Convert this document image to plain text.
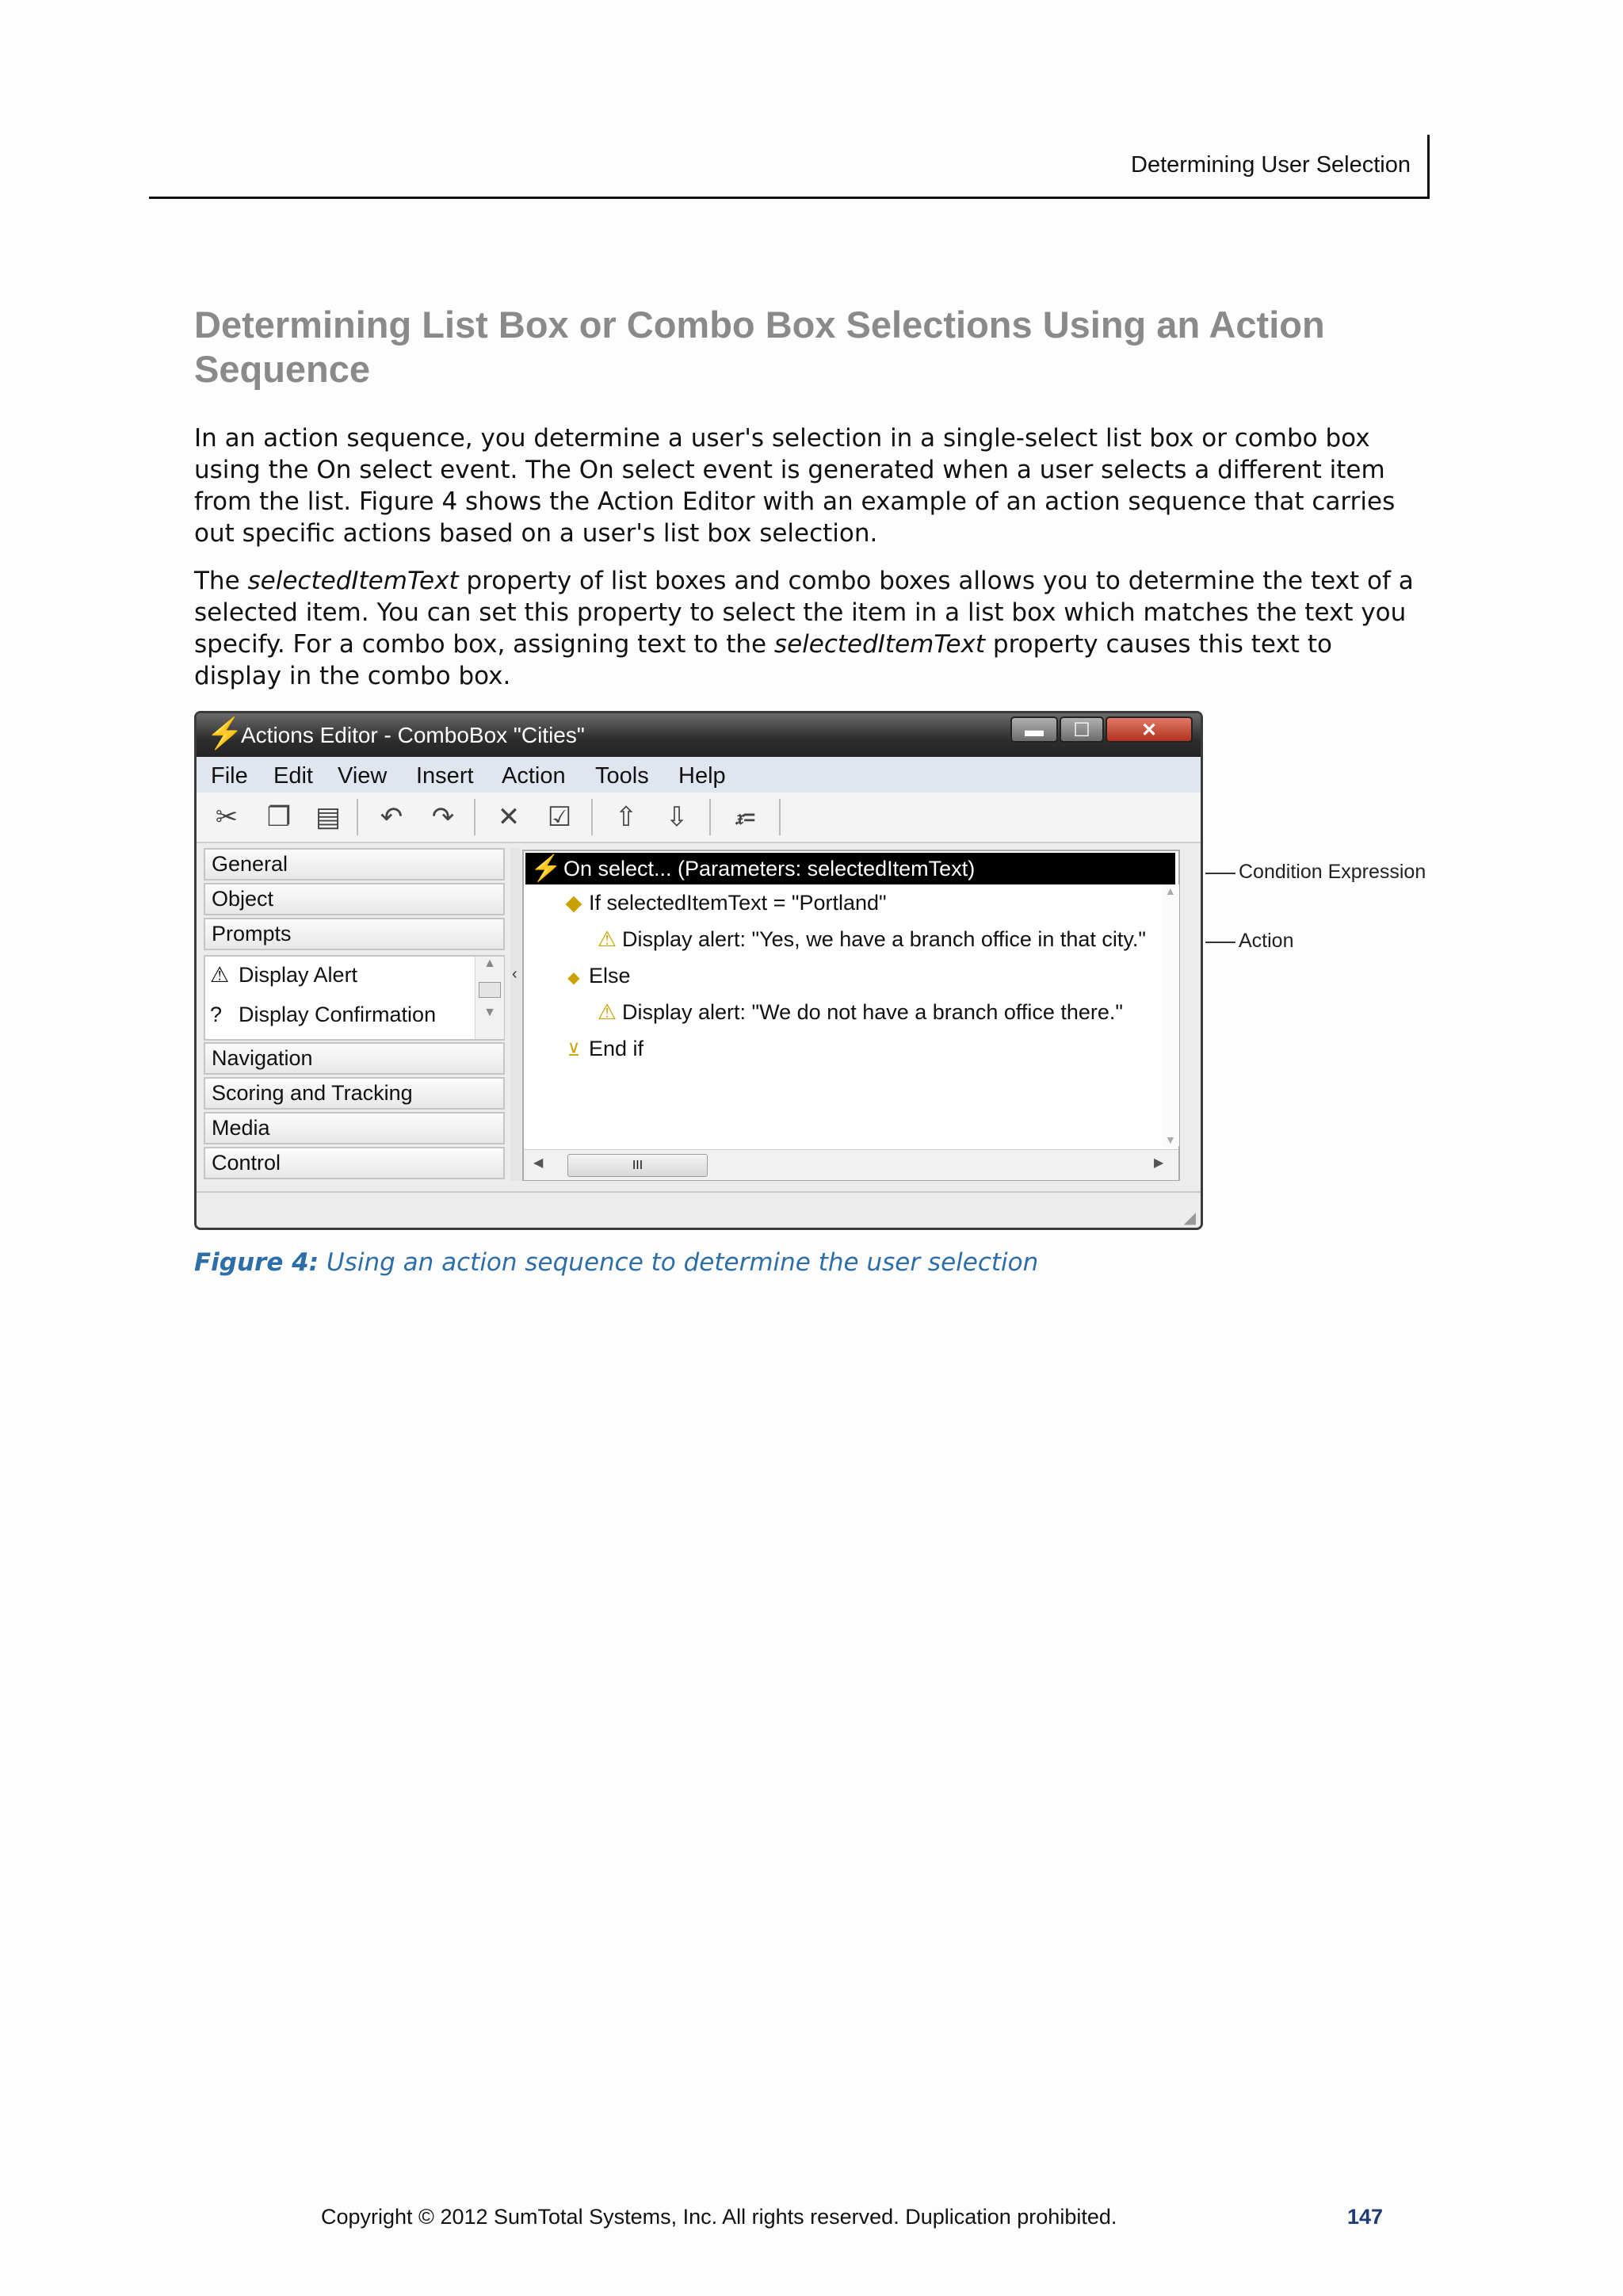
Determining User Selection
Determining List Box or Combo Box Selections Using an Action Sequence
In an action sequence, you determine a user's selection in a single-select list box or combo box using the On select event. The On select event is generated when a user selects a different item from the list. Figure 4 shows the Action Editor with an example of an action sequence that carries out specific actions based on a user's list box selection.
The selectedItemText property of list boxes and combo boxes allows you to determine the text of a selected item. You can set this property to select the item in a list box which matches the text you specify. For a combo box, assigning text to the selectedItemText property causes this text to display in the combo box.
⚡
Actions Editor - ComboBox "Cities"	▬	☐	✕
File Edit View Insert Action Tools Help
✂	❐ ▤	↶	↷	✕	☑	⇧	⇩	𝔵=
General
Object
Prompts
⚠ Display Alert
? Display Confirmation
▲
▼
Navigation
Scoring and Tracking
Media
Control
‹
⚡ On select... (Parameters: selectedItemText)
◆ If selectedItemText = "Portland"
⚠ Display alert: "Yes, we have a branch office in that city."
◆ Else
⚠ Display alert: "We do not have a branch office there."
⊻ End if
▲
▼
◀	III	▶
◢
Condition Expression
Action
Figure 4: Using an action sequence to determine the user selection
Copyright © 2012 SumTotal Systems, Inc. All rights reserved. Duplication prohibited.	147
